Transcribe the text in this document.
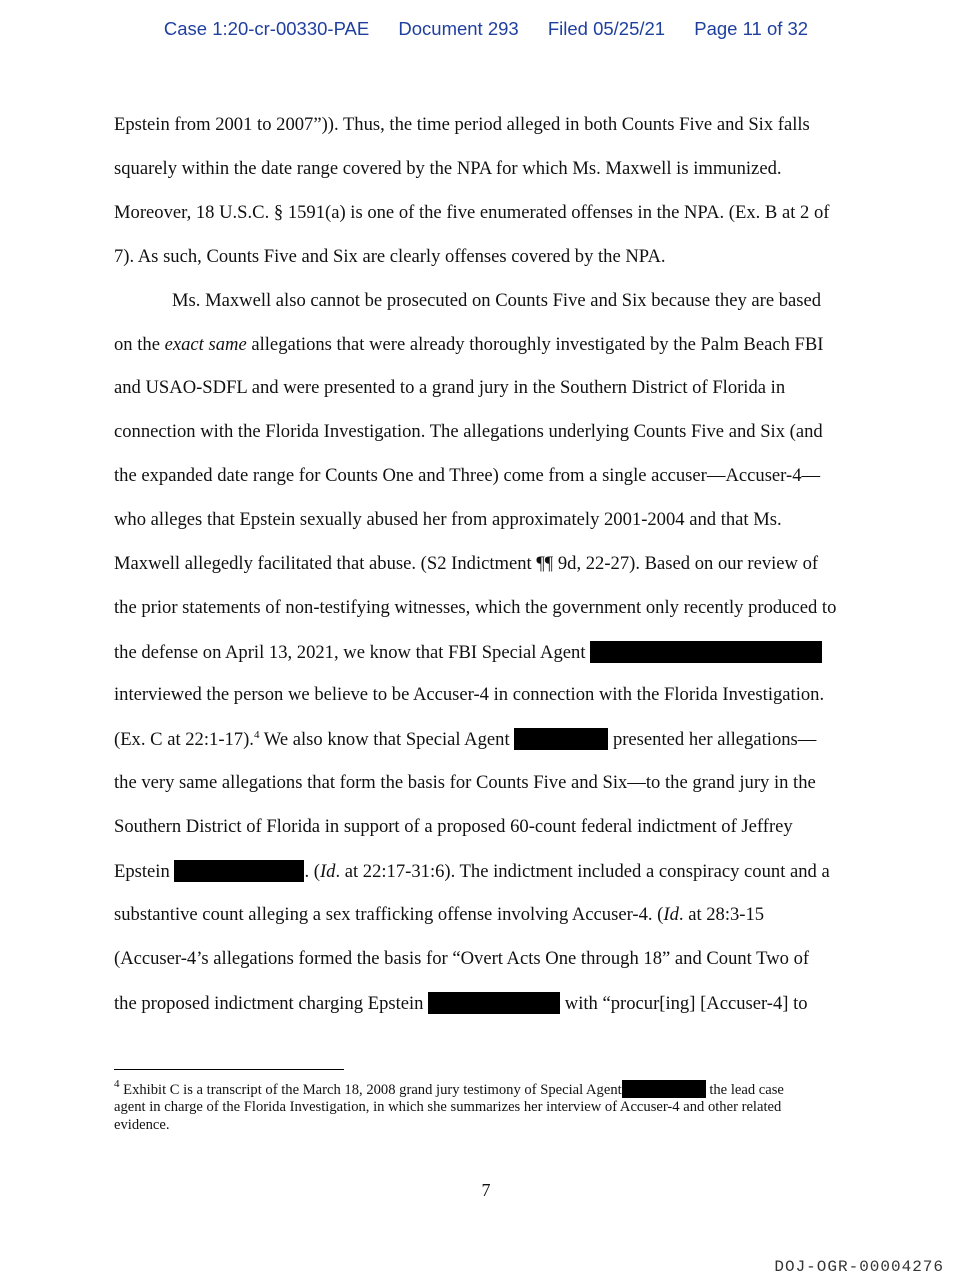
Case 1:20-cr-00330-PAE Document 293 Filed 05/25/21 Page 11 of 32
Epstein from 2001 to 2007”)). Thus, the time period alleged in both Counts Five and Six falls
squarely within the date range covered by the NPA for which Ms. Maxwell is immunized.
Moreover, 18 U.S.C. § 1591(a) is one of the five enumerated offenses in the NPA. (Ex. B at 2 of
7). As such, Counts Five and Six are clearly offenses covered by the NPA.
Ms. Maxwell also cannot be prosecuted on Counts Five and Six because they are based
on the exact same allegations that were already thoroughly investigated by the Palm Beach FBI
and USAO-SDFL and were presented to a grand jury in the Southern District of Florida in
connection with the Florida Investigation. The allegations underlying Counts Five and Six (and
the expanded date range for Counts One and Three) come from a single accuser—Accuser-4—
who alleges that Epstein sexually abused her from approximately 2001-2004 and that Ms.
Maxwell allegedly facilitated that abuse. (S2 Indictment ¶¶ 9d, 22-27). Based on our review of
the prior statements of non-testifying witnesses, which the government only recently produced to
the defense on April 13, 2021, we know that FBI Special Agent
interviewed the person we believe to be Accuser-4 in connection with the Florida Investigation.
(Ex. C at 22:1-17).$^4$ We also know that Special Agent	presented her allegations—
the very same allegations that form the basis for Counts Five and Six—to the grand jury in the
Southern District of Florida in support of a proposed 60-count federal indictment of Jeffrey
Epstein	. (Id. at 22:17-31:6). The indictment included a conspiracy count and a
substantive count alleging a sex trafficking offense involving Accuser-4. (Id. at 28:3-15
(Accuser-4’s allegations formed the basis for “Overt Acts One through 18” and Count Two of
the proposed indictment charging Epstein	with “procur[ing] [Accuser-4] to
$^4$ Exhibit C is a transcript of the March 18, 2008 grand jury testimony of Special Agent	the lead case
agent in charge of the Florida Investigation, in which she summarizes her interview of Accuser-4 and other related
evidence.
7
DOJ-OGR-00004276
